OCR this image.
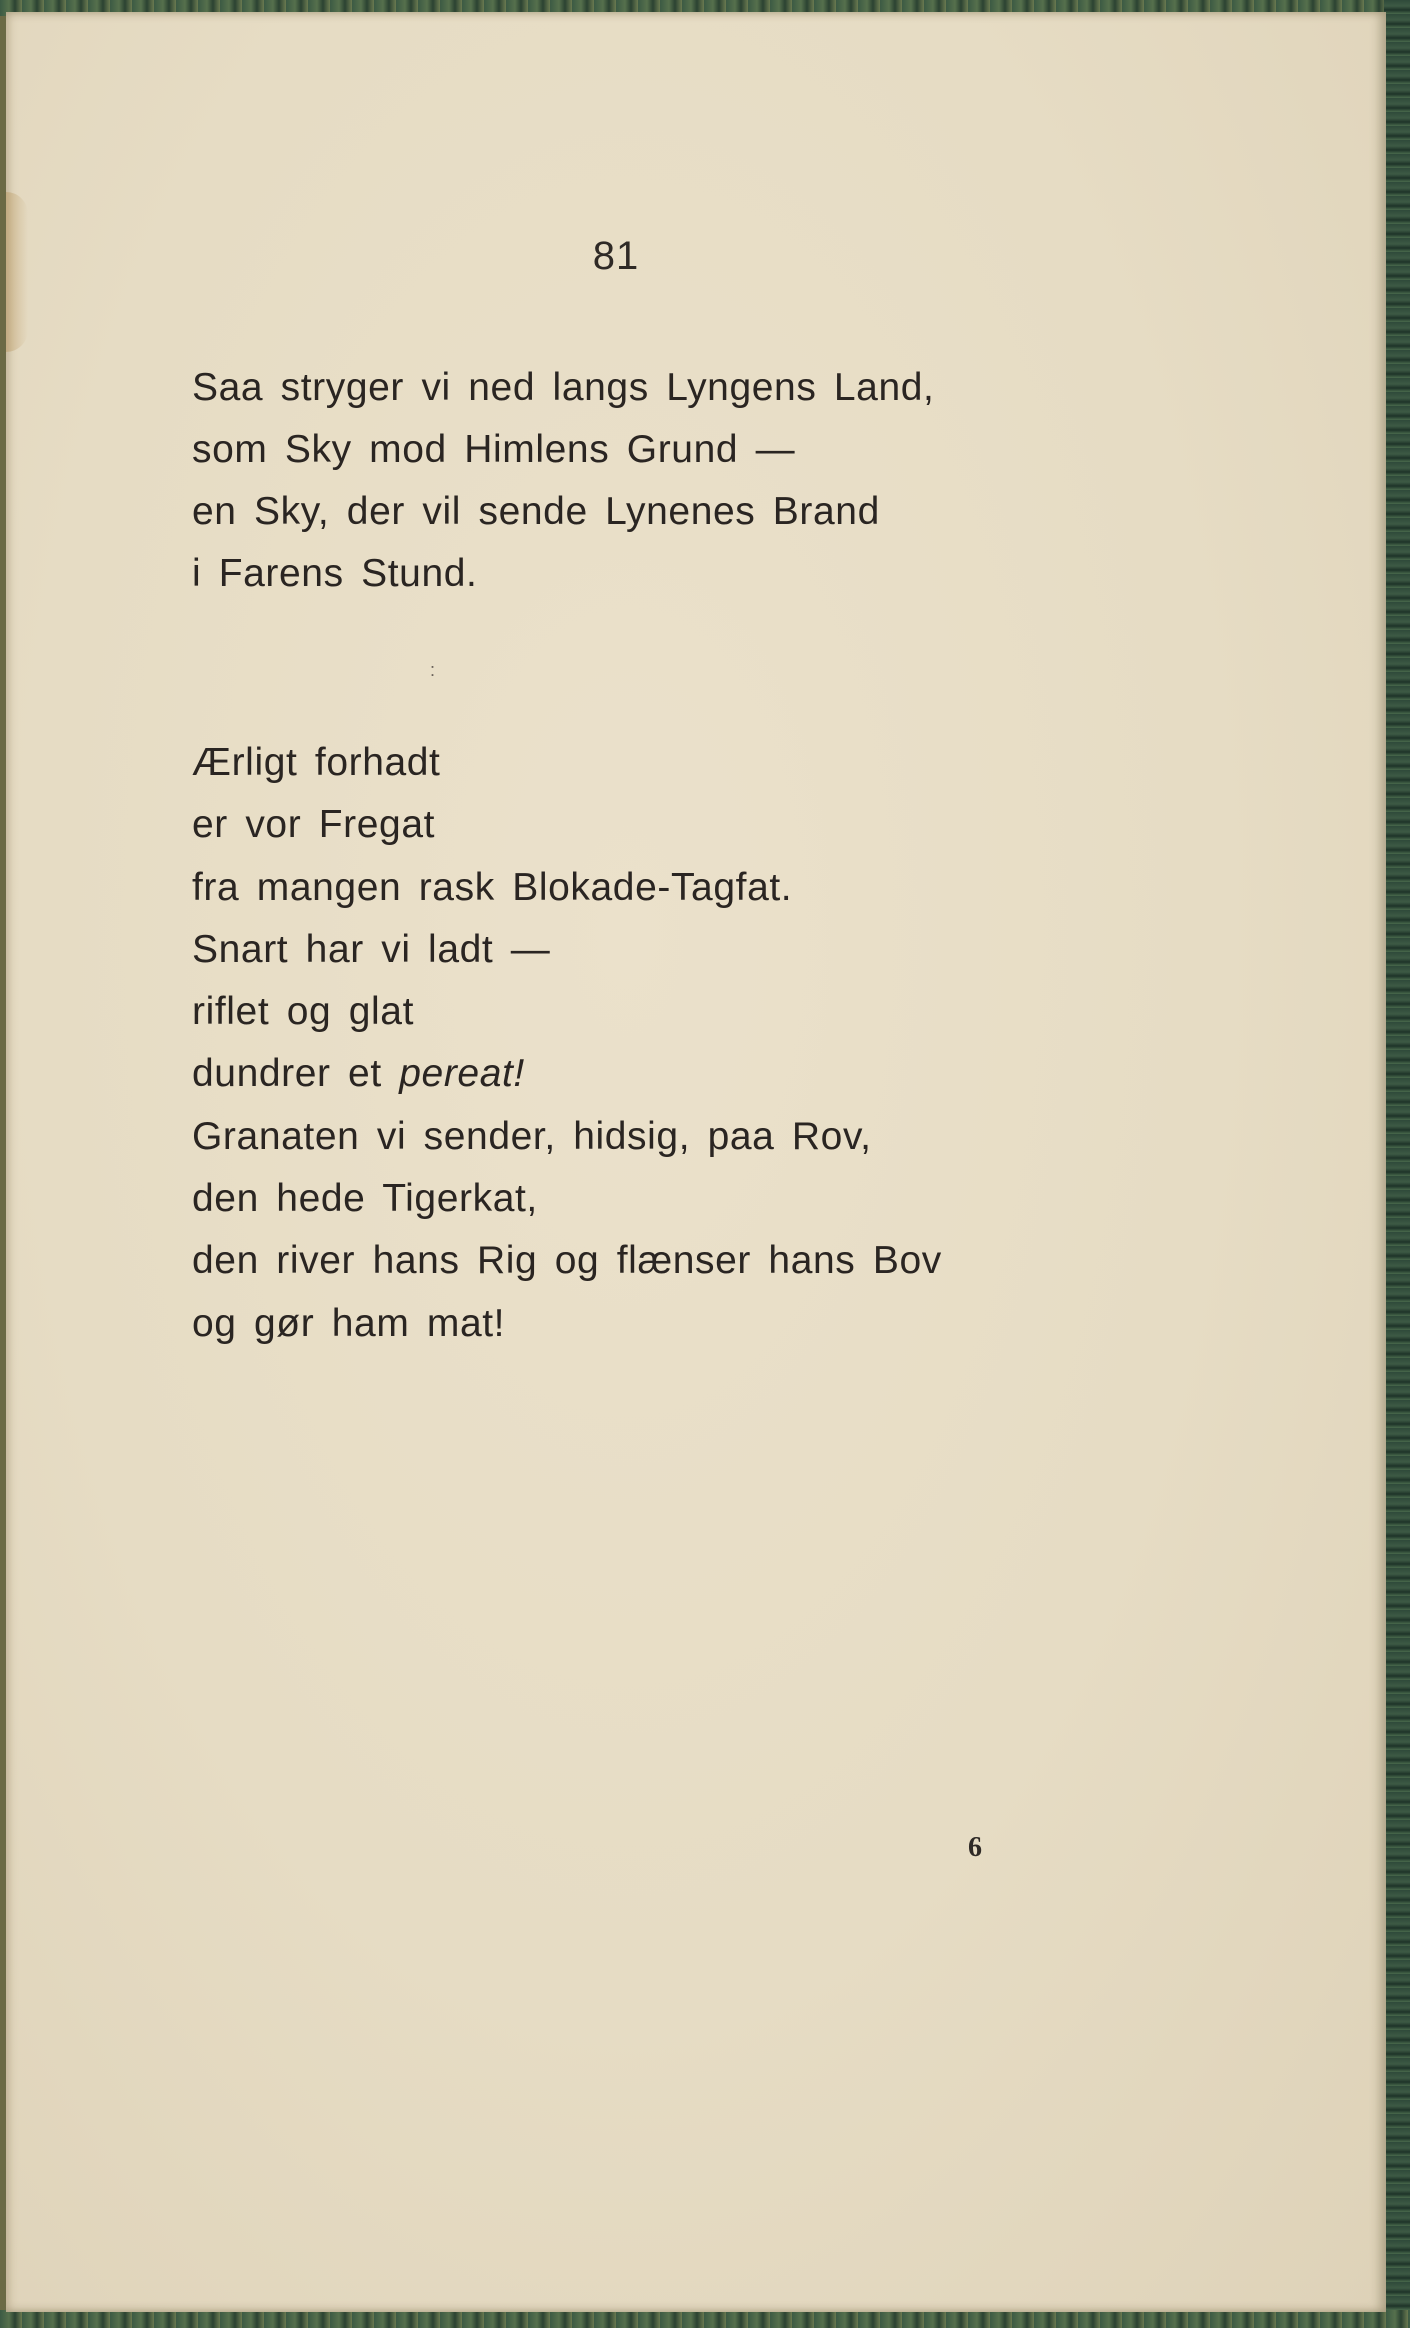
81
Saa stryger vi ned langs Lyngens Land,
som Sky mod Himlens Grund —
en Sky, der vil sende Lynenes Brand
i Farens Stund.
:
Ærligt forhadt
er vor Fregat
fra mangen rask Blokade-Tagfat.
Snart har vi ladt —
riflet og glat
dundrer et pereat!
Granaten vi sender, hidsig, paa Rov,
den hede Tigerkat,
den river hans Rig og flænser hans Bov
og gør ham mat!
6
